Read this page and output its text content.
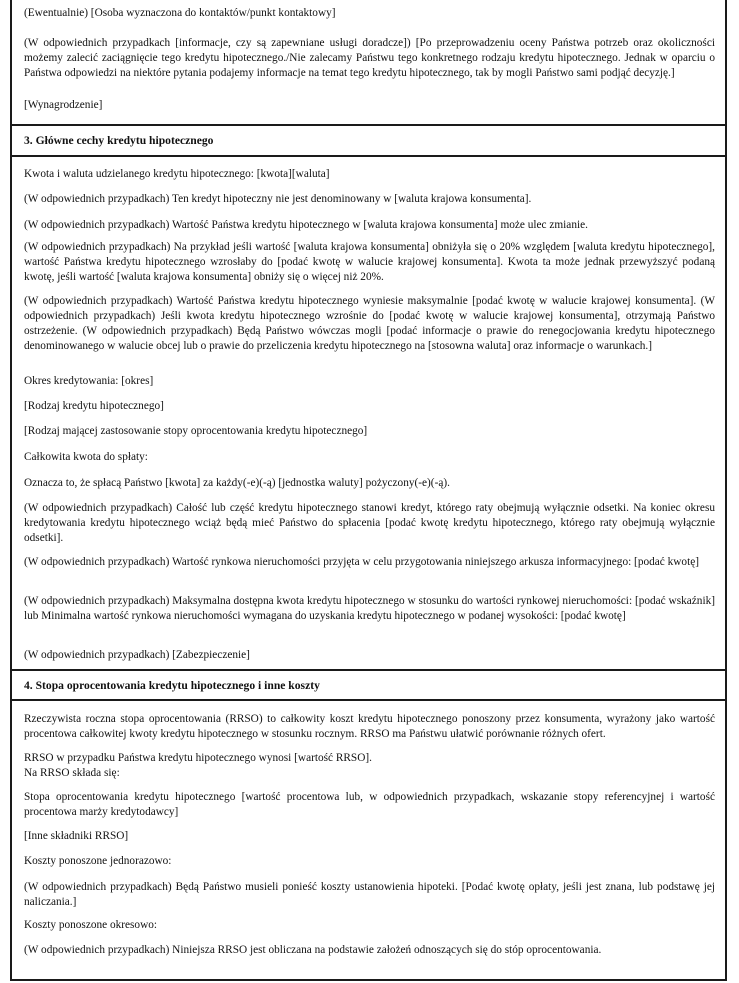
(Ewentualnie) [Osoba wyznaczona do kontaktów/punkt kontaktowy]

(W odpowiednich przypadkach [informacje, czy są zapewniane usługi doradcze]) [Po przeprowadzeniu oceny Państwa potrzeb oraz okoliczności możemy zalecić zaciągnięcie tego kredytu hipotecznego./Nie zalecamy Państwu tego konkretnego rodzaju kredytu hipotecznego. Jednak w oparciu o Państwa odpowiedzi na niektóre pytania podajemy informacje na temat tego kredytu hipotecznego, tak by mogli Państwo sami podjąć decyzję.]

[Wynagrodzenie]

3. Główne cechy kredytu hipotecznego

Kwota i waluta udzielanego kredytu hipotecznego: [kwota][waluta]

(W odpowiednich przypadkach) Ten kredyt hipoteczny nie jest denominowany w [waluta krajowa konsumenta].

(W odpowiednich przypadkach) Wartość Państwa kredytu hipotecznego w [waluta krajowa konsumenta] może ulec zmianie.

(W odpowiednich przypadkach) Na przykład jeśli wartość [waluta krajowa konsumenta] obniżyła się o 20% względem [waluta kredytu hipotecznego], wartość Państwa kredytu hipotecznego wzrosłaby do [podać kwotę w walucie krajowej konsumenta]. Kwota ta może jednak przewyższyć podaną kwotę, jeśli wartość [waluta krajowa konsumenta] obniży się o więcej niż 20%.

(W odpowiednich przypadkach) Wartość Państwa kredytu hipotecznego wyniesie maksymalnie [podać kwotę w walucie krajowej konsumenta]. (W odpowiednich przypadkach) Jeśli kwota kredytu hipotecznego wzrośnie do [podać kwotę w walucie krajowej konsumenta], otrzymają Państwo ostrzeżenie. (W odpowiednich przypadkach) Będą Państwo wówczas mogli [podać informacje o prawie do renegocjowania kredytu hipotecznego denominowanego w walucie obcej lub o prawie do przeliczenia kredytu hipotecznego na [stosowna waluta] oraz informacje o warunkach.]

Okres kredytowania: [okres]

[Rodzaj kredytu hipotecznego]

[Rodzaj mającej zastosowanie stopy oprocentowania kredytu hipotecznego]

Całkowita kwota do spłaty:

Oznacza to, że spłacą Państwo [kwota] za każdy(-e)(-ą) [jednostka waluty] pożyczony(-e)(-ą).

(W odpowiednich przypadkach) Całość lub część kredytu hipotecznego stanowi kredyt, którego raty obejmują wyłącznie odsetki. Na koniec okresu kredytowania kredytu hipotecznego wciąż będą mieć Państwo do spłacenia [podać kwotę kredytu hipotecznego, którego raty obejmują wyłącznie odsetki].

(W odpowiednich przypadkach) Wartość rynkowa nieruchomości przyjęta w celu przygotowania niniejszego arkusza informacyjnego: [podać kwotę]

(W odpowiednich przypadkach) Maksymalna dostępna kwota kredytu hipotecznego w stosunku do wartości rynkowej nieruchomości: [podać wskaźnik] lub Minimalna wartość rynkowa nieruchomości wymagana do uzyskania kredytu hipotecznego w podanej wysokości: [podać kwotę]

(W odpowiednich przypadkach) [Zabezpieczenie]

4. Stopa oprocentowania kredytu hipotecznego i inne koszty

Rzeczywista roczna stopa oprocentowania (RRSO) to całkowity koszt kredytu hipotecznego ponoszony przez konsumenta, wyrażony jako wartość procentowa całkowitej kwoty kredytu hipotecznego w stosunku rocznym. RRSO ma Państwu ułatwić porównanie różnych ofert.

RRSO w przypadku Państwa kredytu hipotecznego wynosi [wartość RRSO].

Na RRSO składa się:

Stopa oprocentowania kredytu hipotecznego [wartość procentowa lub, w odpowiednich przypadkach, wskazanie stopy referencyjnej i wartość procentowa marży kredytodawcy]

[Inne składniki RRSO]

Koszty ponoszone jednorazowo:

(W odpowiednich przypadkach) Będą Państwo musieli ponieść koszty ustanowienia hipoteki. [Podać kwotę opłaty, jeśli jest znana, lub podstawę jej naliczania.]

Koszty ponoszone okresowo:

(W odpowiednich przypadkach) Niniejsza RRSO jest obliczana na podstawie założeń odnoszących się do stóp oprocentowania.
